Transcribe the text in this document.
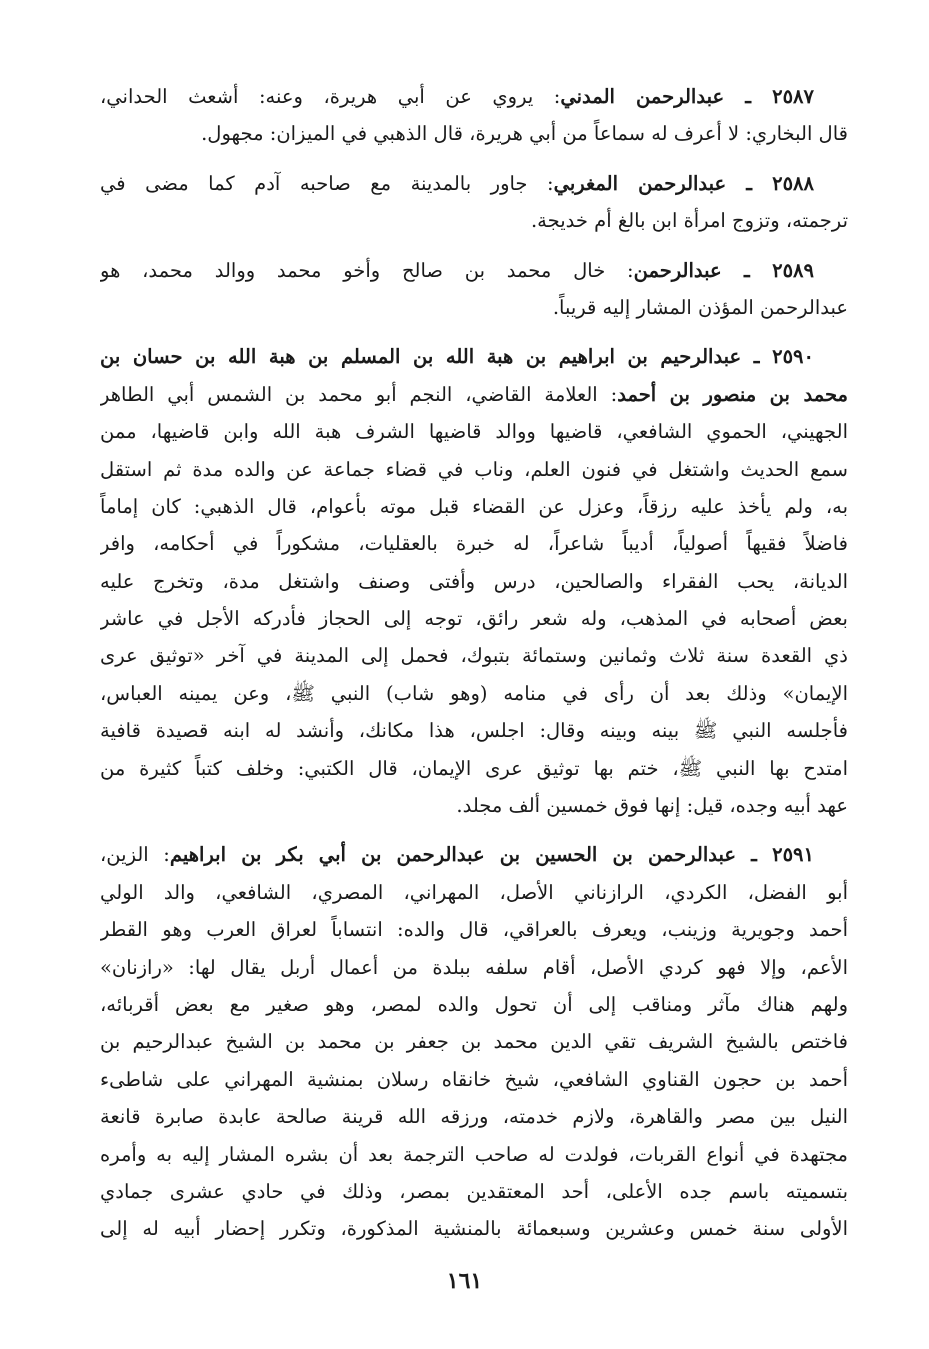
٢٥٨٧ ـ عبدالرحمن المدني: يروي عن أبي هريرة، وعنه: أشعث الحداني،
قال البخاري: لا أعرف له سماعاً من أبي هريرة، قال الذهبي في الميزان: مجهول.
٢٥٨٨ ـ عبدالرحمن المغربي: جاور بالمدينة مع صاحبه آدم كما مضى في
ترجمته، وتزوج امرأة ابن بالغ أم خديجة.
٢٥٨٩ ـ عبدالرحمن: خال محمد بن صالح وأخو محمد ووالد محمد، هو
عبدالرحمن المؤذن المشار إليه قريباً.
٢٥٩٠ ـ عبدالرحيم بن ابراهيم بن هبة الله بن المسلم بن هبة الله بن حسان بن
محمد بن منصور بن أحمد: العلامة القاضي، النجم أبو محمد بن الشمس أبي الطاهر
الجهيني، الحموي الشافعي، قاضيها ووالد قاضيها الشرف هبة الله وابن قاضيها، ممن
سمع الحديث واشتغل في فنون العلم، وناب في قضاء جماعة عن والده مدة ثم استقل
به، ولم يأخذ عليه رزقاً، وعزل عن القضاء قبل موته بأعوام، قال الذهبي: كان إماماً
فاضلاً فقيهاً أصولياً، أديباً شاعراً، له خبرة بالعقليات، مشكوراً في أحكامه، وافر
الديانة، يحب الفقراء والصالحين، درس وأفتى وصنف واشتغل مدة، وتخرج عليه
بعض أصحابه في المذهب، وله شعر رائق، توجه إلى الحجاز فأدركه الأجل في عاشر
ذي القعدة سنة ثلاث وثمانين وستمائة بتبوك، فحمل إلى المدينة في آخر «توثيق عرى
الإيمان» وذلك بعد أن رأى في منامه (وهو شاب) النبي ﷺ، وعن يمينه العباس،
فأجلسه النبي ﷺ بينه وبينه وقال: اجلس، هذا مكانك، وأنشد له ابنه قصيدة قافية
امتدح بها النبي ﷺ، ختم بها توثيق عرى الإيمان، قال الكتبي: وخلف كتباً كثيرة من
عهد أبيه وجده، قيل: إنها فوق خمسين ألف مجلد.
٢٥٩١ ـ عبدالرحمن بن الحسين بن عبدالرحمن بن أبي بكر بن ابراهيم: الزين،
أبو الفضل، الكردي، الرازناني الأصل، المهراني، المصري، الشافعي، والد الولي
أحمد وجويرية وزينب، ويعرف بالعراقي، قال والده: انتساباً لعراق العرب وهو القطر
الأعم، وإلا فهو كردي الأصل، أقام سلفه ببلدة من أعمال أربل يقال لها: «رازنان»
ولهم هناك مآثر ومناقب إلى أن تحول والده لمصر، وهو صغير مع بعض أقربائه،
فاختص بالشيخ الشريف تقي الدين محمد بن جعفر بن محمد بن الشيخ عبدالرحيم بن
أحمد بن حجون القناوي الشافعي، شيخ خانقاه رسلان بمنشية المهراني على شاطىء
النيل بين مصر والقاهرة، ولازم خدمته، ورزقه الله قرينة صالحة عابدة صابرة قانعة
مجتهدة في أنواع القربات، فولدت له صاحب الترجمة بعد أن بشره المشار إليه به وأمره
بتسميته باسم جده الأعلى، أحد المعتقدين بمصر، وذلك في حادي عشرى جمادي
الأولى سنة خمس وعشرين وسبعمائة بالمنشية المذكورة، وتكرر إحضار أبيه له إلى
١٦١
